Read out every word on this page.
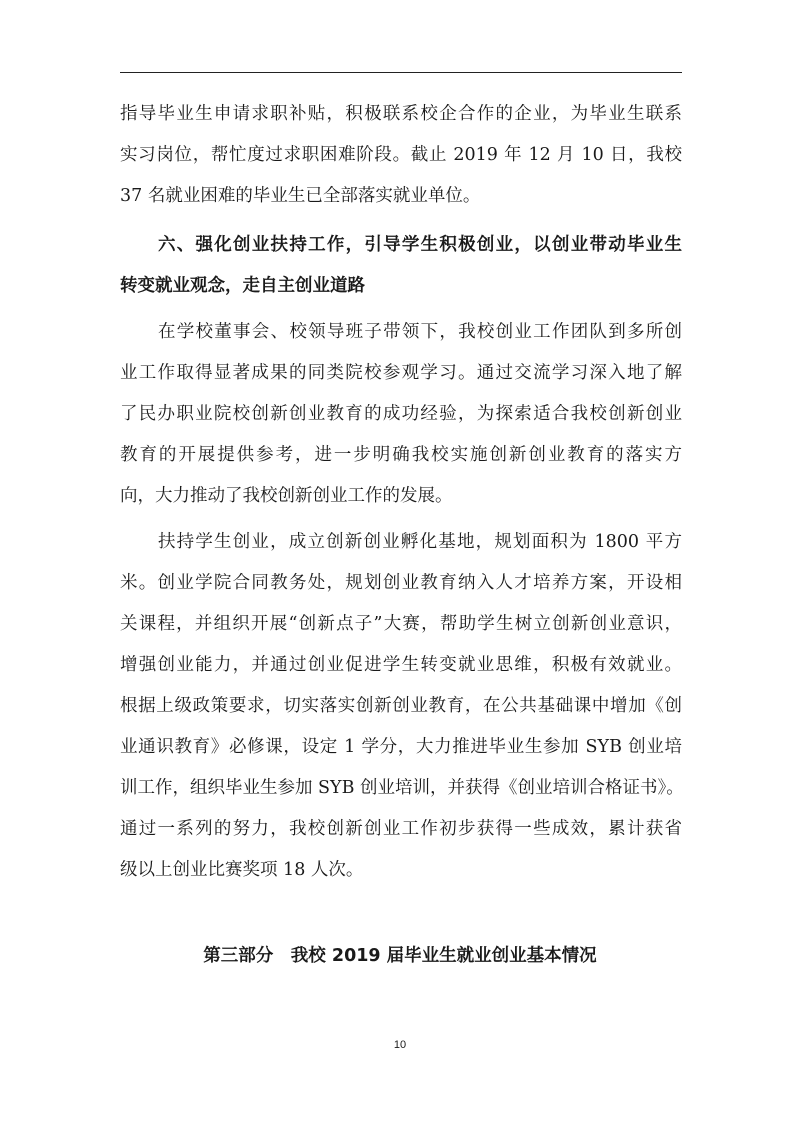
指导毕业生申请求职补贴，积极联系校企合作的企业，为毕业生联系
实习岗位，帮忙度过求职困难阶段。截止 2019 年 12 月 10 日，我校
37 名就业困难的毕业生已全部落实就业单位。
六、强化创业扶持工作，引导学生积极创业，以创业带动毕业生
转变就业观念，走自主创业道路
在学校董事会、校领导班子带领下，我校创业工作团队到多所创
业工作取得显著成果的同类院校参观学习。通过交流学习深入地了解
了民办职业院校创新创业教育的成功经验，为探索适合我校创新创业
教育的开展提供参考，进一步明确我校实施创新创业教育的落实方
向，大力推动了我校创新创业工作的发展。
扶持学生创业，成立创新创业孵化基地，规划面积为 1800 平方
米。创业学院合同教务处，规划创业教育纳入人才培养方案，开设相
关课程，并组织开展“创新点子”大赛，帮助学生树立创新创业意识，
增强创业能力，并通过创业促进学生转变就业思维，积极有效就业。
根据上级政策要求，切实落实创新创业教育，在公共基础课中增加《创
业通识教育》必修课，设定 1 学分，大力推进毕业生参加 SYB 创业培
训工作，组织毕业生参加 SYB 创业培训，并获得《创业培训合格证书》。
通过一系列的努力，我校创新创业工作初步获得一些成效，累计获省
级以上创业比赛奖项 18 人次。
第三部分　我校 2019 届毕业生就业创业基本情况
10
